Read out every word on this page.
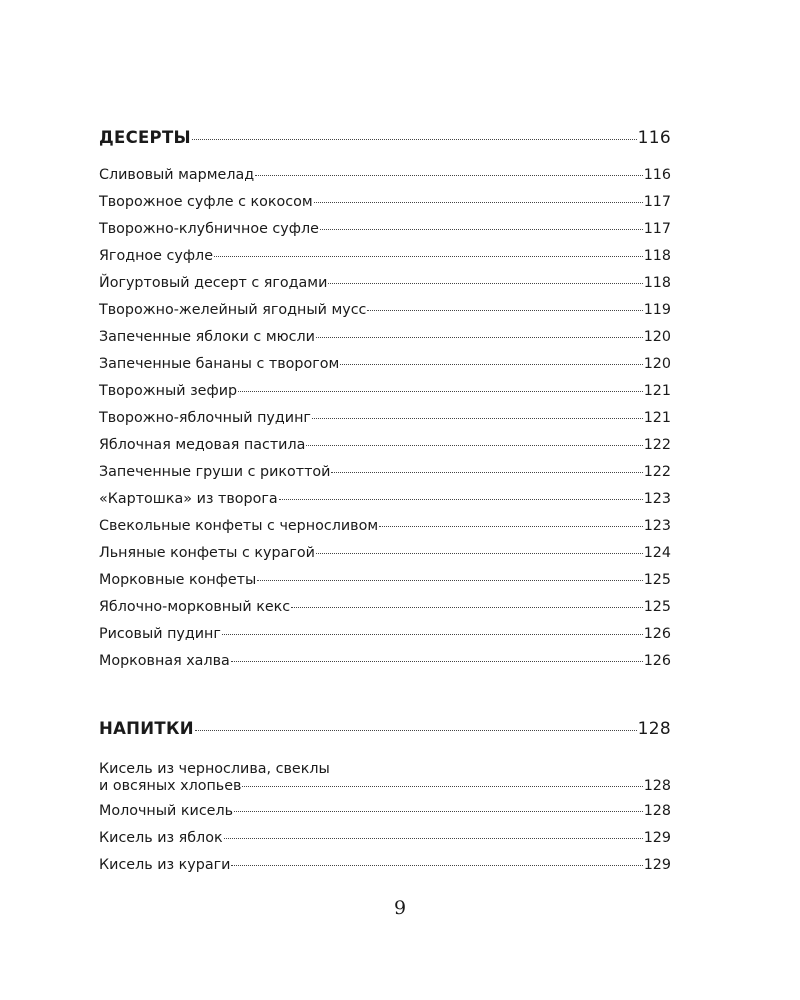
ДЕСЕРТЫ	116
Сливовый мармелад	116
Творожное суфле с кокосом	117
Творожно-клубничное суфле	117
Ягодное суфле	118
Йогуртовый десерт с ягодами	118
Творожно-желейный ягодный мусс	119
Запеченные яблоки с мюсли	120
Запеченные бананы с творогом	120
Творожный зефир	121
Творожно-яблочный пудинг	121
Яблочная медовая пастила	122
Запеченные груши с рикоттой	122
«Картошка» из творога	123
Свекольные конфеты с черносливом	123
Льняные конфеты с курагой	124
Морковные конфеты	125
Яблочно-морковный кекс	125
Рисовый пудинг	126
Морковная халва	126
НАПИТКИ	128
Кисель из чернослива, свеклы
и овсяных хлопьев	128
Молочный кисель	128
Кисель из яблок	129
Кисель из кураги	129
9
